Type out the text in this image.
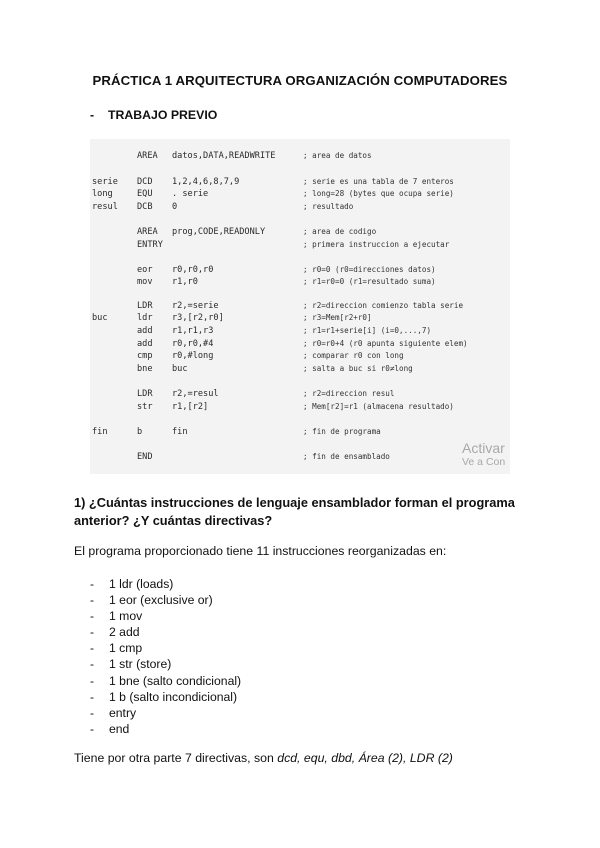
PRÁCTICA 1 ARQUITECTURA ORGANIZACIÓN COMPUTADORES
- TRABAJO PREVIO
AREA datos,DATA,READWRITE	; area de datos
serie DCD 1,2,4,6,8,7,9	; serie es una tabla de 7 enteros
long	EQU . serie	; long=28 (bytes que ocupa serie)
resul DCB 0	; resultado
AREA prog,CODE,READONLY	; area de codigo
ENTRY	; primera instruccion a ejecutar
eor r0,r0,r0	; r0=0 (r0=direcciones datos)
mov r1,r0	; r1=r0=0 (r1=resultado suma)
LDR r2,=serie	; r2=direccion comienzo tabla serie
buc	ldr r3,[r2,r0]	; r3=Mem[r2+r0]
add r1,r1,r3	; r1=r1+serie[i] (i=0,...,7)
add r0,r0,#4	; r0=r0+4 (r0 apunta siguiente elem)
cmp r0,#long	; comparar r0 con long
bne buc	; salta a buc si r0≠long
LDR r2,=resul	; r2=direccion resul
str r1,[r2]	; Mem[r2]=r1 (almacena resultado)
fin	b	fin	; fin de programa
END	; fin de ensamblado
Activar
Ve a Con
1) ¿Cuántas instrucciones de lenguaje ensamblador forman el programa anterior? ¿Y cuántas directivas?
El programa proporcionado tiene 11 instrucciones reorganizadas en:
- 1 ldr (loads)
- 1 eor (exclusive or)
- 1 mov
- 2 add
- 1 cmp
- 1 str (store)
- 1 bne (salto condicional)
- 1 b (salto incondicional)
- entry
- end
Tiene por otra parte 7 directivas, son dcd, equ, dbd, Área (2), LDR (2)
